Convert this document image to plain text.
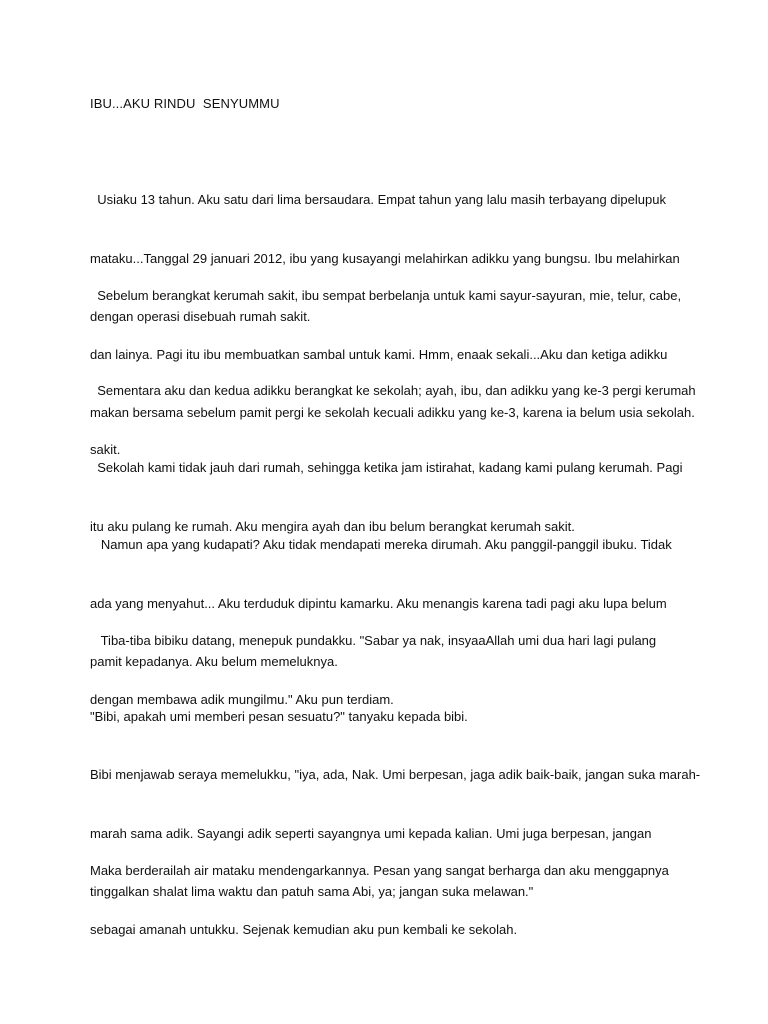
IBU...AKU RINDU  SENYUMMU

Usiaku 13 tahun. Aku satu dari lima bersaudara. Empat tahun yang lalu masih terbayang dipelupuk

mataku...Tanggal 29 januari 2012, ibu yang kusayangi melahirkan adikku yang bungsu. Ibu melahirkan

dengan operasi disebuah rumah sakit.

Sebelum berangkat kerumah sakit, ibu sempat berbelanja untuk kami sayur-sayuran, mie, telur, cabe,

dan lainya. Pagi itu ibu membuatkan sambal untuk kami. Hmm, enaak sekali...Aku dan ketiga adikku

makan bersama sebelum pamit pergi ke sekolah kecuali adikku yang ke-3, karena ia belum usia sekolah.

Sementara aku dan kedua adikku berangkat ke sekolah; ayah, ibu, dan adikku yang ke-3 pergi kerumah

sakit.

Sekolah kami tidak jauh dari rumah, sehingga ketika jam istirahat, kadang kami pulang kerumah. Pagi

itu aku pulang ke rumah. Aku mengira ayah dan ibu belum berangkat kerumah sakit.

Namun apa yang kudapati? Aku tidak mendapati mereka dirumah. Aku panggil-panggil ibuku. Tidak

ada yang menyahut... Aku terduduk dipintu kamarku. Aku menangis karena tadi pagi aku lupa belum

pamit kepadanya. Aku belum memeluknya.

Tiba-tiba bibiku datang, menepuk pundakku. "Sabar ya nak, insyaaAllah umi dua hari lagi pulang

dengan membawa adik mungilmu." Aku pun terdiam.

"Bibi, apakah umi memberi pesan sesuatu?" tanyaku kepada bibi.

Bibi menjawab seraya memelukku, "iya, ada, Nak. Umi berpesan, jaga adik baik-baik, jangan suka marah-

marah sama adik. Sayangi adik seperti sayangnya umi kepada kalian. Umi juga berpesan, jangan

tinggalkan shalat lima waktu dan patuh sama Abi, ya; jangan suka melawan."

Maka berderailah air mataku mendengarkannya. Pesan yang sangat berharga dan aku menggapnya

sebagai amanah untukku. Sejenak kemudian aku pun kembali ke sekolah.
